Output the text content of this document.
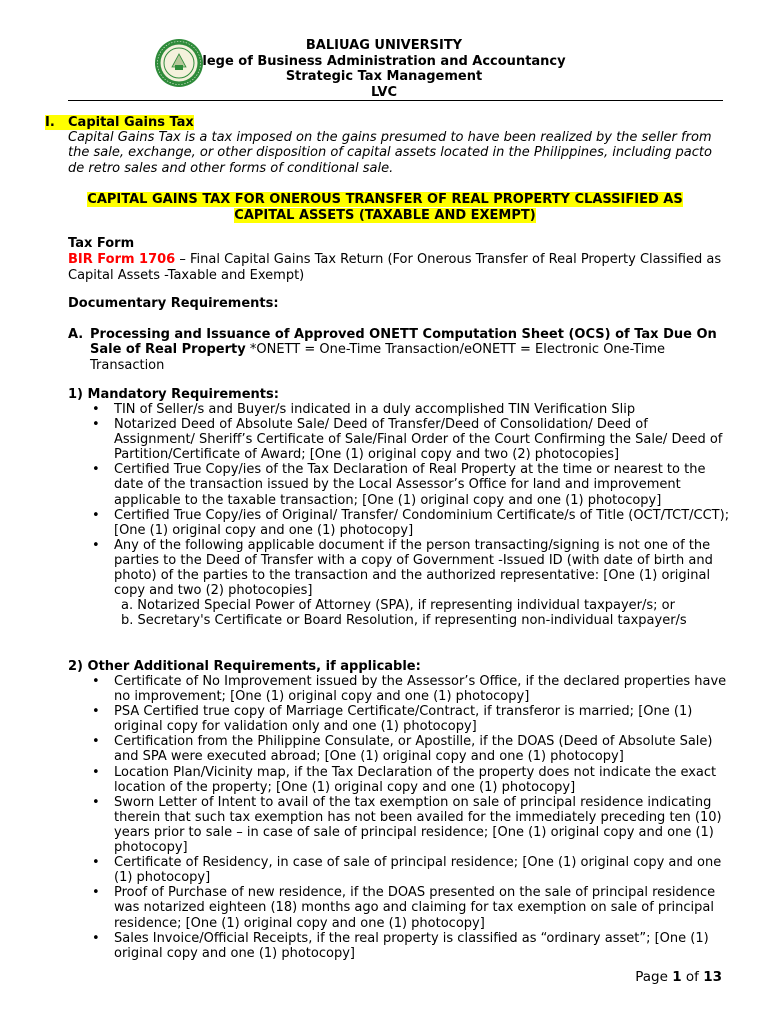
BALIUAG UNIVERSITY
lege of Business Administration and Accountancy
Strategic Tax Management
LVC
I. Capital Gains Tax
Capital Gains Tax is a tax imposed on the gains presumed to have been realized by the seller from the sale, exchange, or other disposition of capital assets located in the Philippines, including pacto de retro sales and other forms of conditional sale.
CAPITAL GAINS TAX FOR ONEROUS TRANSFER OF REAL PROPERTY CLASSIFIED AS CAPITAL ASSETS (TAXABLE AND EXEMPT)
Tax Form
BIR Form 1706 – Final Capital Gains Tax Return (For Onerous Transfer of Real Property Classified as Capital Assets -Taxable and Exempt)
Documentary Requirements:
A. Processing and Issuance of Approved ONETT Computation Sheet (OCS) of Tax Due On Sale of Real Property *ONETT = One-Time Transaction/eONETT = Electronic One-Time Transaction
1) Mandatory Requirements:
• TIN of Seller/s and Buyer/s indicated in a duly accomplished TIN Verification Slip
• Notarized Deed of Absolute Sale/ Deed of Transfer/Deed of Consolidation/ Deed of Assignment/ Sheriff’s Certificate of Sale/Final Order of the Court Confirming the Sale/ Deed of Partition/Certificate of Award; [One (1) original copy and two (2) photocopies]
• Certified True Copy/ies of the Tax Declaration of Real Property at the time or nearest to the date of the transaction issued by the Local Assessor’s Office for land and improvement applicable to the taxable transaction; [One (1) original copy and one (1) photocopy]
• Certified True Copy/ies of Original/ Transfer/ Condominium Certificate/s of Title (OCT/TCT/CCT); [One (1) original copy and one (1) photocopy]
• Any of the following applicable document if the person transacting/signing is not one of the parties to the Deed of Transfer with a copy of Government -Issued ID (with date of birth and photo) of the parties to the transaction and the authorized representative: [One (1) original copy and two (2) photocopies]
a. Notarized Special Power of Attorney (SPA), if representing individual taxpayer/s; or
b. Secretary's Certificate or Board Resolution, if representing non-individual taxpayer/s
2) Other Additional Requirements, if applicable:
• Certificate of No Improvement issued by the Assessor’s Office, if the declared properties have no improvement; [One (1) original copy and one (1) photocopy]
• PSA Certified true copy of Marriage Certificate/Contract, if transferor is married; [One (1) original copy for validation only and one (1) photocopy]
• Certification from the Philippine Consulate, or Apostille, if the DOAS (Deed of Absolute Sale) and SPA were executed abroad; [One (1) original copy and one (1) photocopy]
• Location Plan/Vicinity map, if the Tax Declaration of the property does not indicate the exact location of the property; [One (1) original copy and one (1) photocopy]
• Sworn Letter of Intent to avail of the tax exemption on sale of principal residence indicating therein that such tax exemption has not been availed for the immediately preceding ten (10) years prior to sale – in case of sale of principal residence; [One (1) original copy and one (1) photocopy]
• Certificate of Residency, in case of sale of principal residence; [One (1) original copy and one (1) photocopy]
• Proof of Purchase of new residence, if the DOAS presented on the sale of principal residence was notarized eighteen (18) months ago and claiming for tax exemption on sale of principal residence; [One (1) original copy and one (1) photocopy]
• Sales Invoice/Official Receipts, if the real property is classified as “ordinary asset”; [One (1) original copy and one (1) photocopy]
Page 1 of 13
